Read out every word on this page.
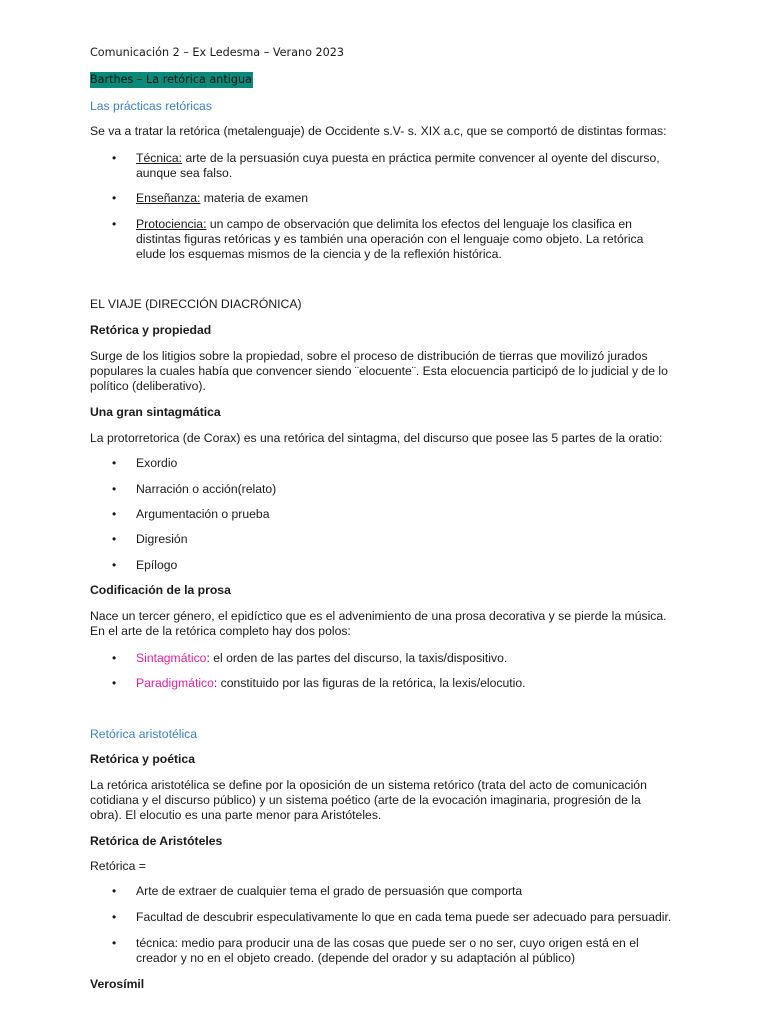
Comunicación 2 – Ex Ledesma – Verano 2023

Barthes – La retórica antigua

Las prácticas retóricas

Se va a tratar la retórica (metalenguaje) de Occidente s.V- s. XIX a.c, que se comportó de distintas formas:

• Técnica: arte de la persuasión cuya puesta en práctica permite convencer al oyente del discurso,

aunque sea falso.

• Enseñanza: materia de examen

• Protociencia: un campo de observación que delimita los efectos del lenguaje los clasifica en

distintas figuras retóricas y es también una operación con el lenguaje como objeto. La retórica

elude los esquemas mismos de la ciencia y de la reflexión histórica.

EL VIAJE (DIRECCIÓN DIACRÓNICA)

Retórica y propiedad

Surge de los litigios sobre la propiedad, sobre el proceso de distribución de tierras que movilizó jurados

populares la cuales había que convencer siendo ¨elocuente¨. Esta elocuencia participó de lo judicial y de lo

político (deliberativo).

Una gran sintagmática

La protorretorica (de Corax) es una retórica del sintagma, del discurso que posee las 5 partes de la oratio:

• Exordio

• Narración o acción(relato)

• Argumentación o prueba

• Digresión

• Epílogo

Codificación de la prosa

Nace un tercer género, el epidíctico que es el advenimiento de una prosa decorativa y se pierde la música.

En el arte de la retórica completo hay dos polos:

• Sintagmático: el orden de las partes del discurso, la taxis/dispositivo.

• Paradigmático: constituido por las figuras de la retórica, la lexis/elocutio.

Retórica aristotélica

Retórica y poética

La retórica aristotélica se define por la oposición de un sistema retórico (trata del acto de comunicación

cotidiana y el discurso público) y un sistema poético (arte de la evocación imaginaria, progresión de la

obra). El elocutio es una parte menor para Aristóteles.

Retórica de Aristóteles

Retórica =

• Arte de extraer de cualquier tema el grado de persuasión que comporta

• Facultad de descubrir especulativamente lo que en cada tema puede ser adecuado para persuadir.

• técnica: medio para producir una de las cosas que puede ser o no ser, cuyo origen está en el

creador y no en el objeto creado. (depende del orador y su adaptación al público)

Verosímil
